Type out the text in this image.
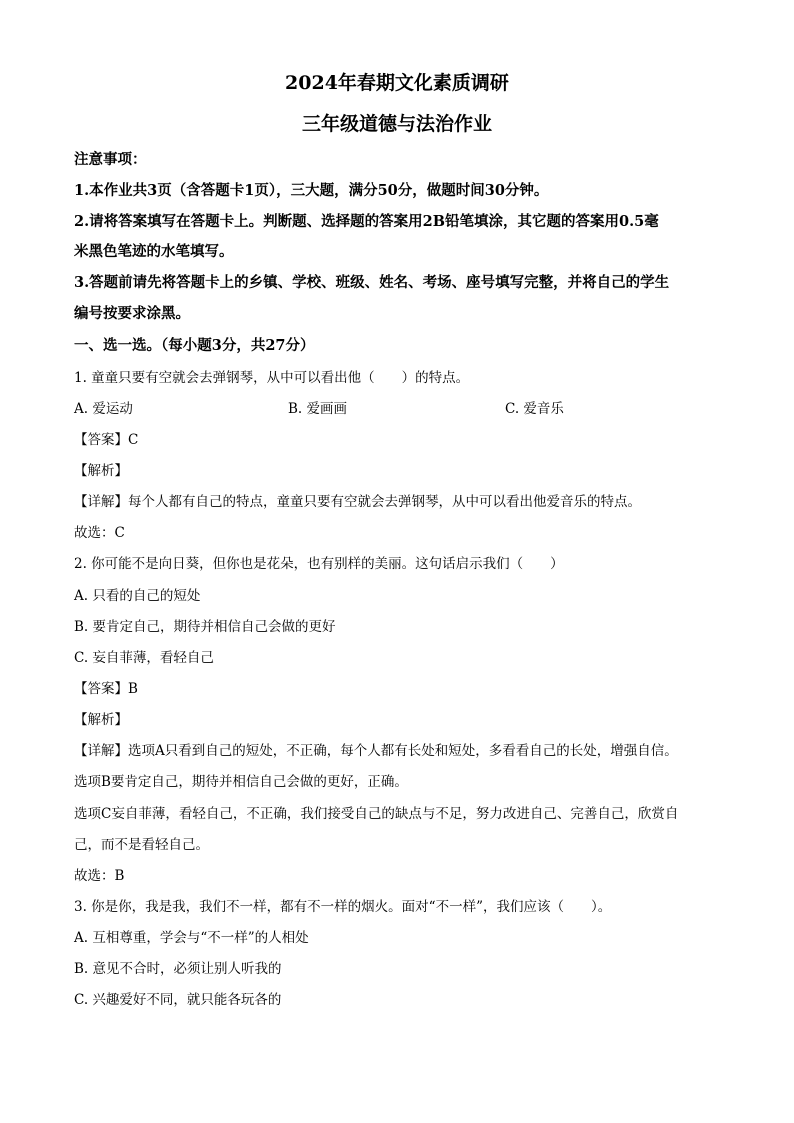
2024年春期文化素质调研
三年级道德与法治作业
注意事项：
1.本作业共3页（含答题卡1页），三大题，满分50分，做题时间30分钟。
2.请将答案填写在答题卡上。判断题、选择题的答案用2B铅笔填涂，其它题的答案用0.5毫
米黑色笔迹的水笔填写。
3.答题前请先将答题卡上的乡镇、学校、班级、姓名、考场、座号填写完整，并将自己的学生
编号按要求涂黑。
一、选一选。（每小题3分，共27分）
1. 童童只要有空就会去弹钢琴，从中可以看出他（　　）的特点。
A. 爱运动	B. 爱画画	C. 爱音乐
【答案】C
【解析】
【详解】每个人都有自己的特点，童童只要有空就会去弹钢琴，从中可以看出他爱音乐的特点。
故选：C
2. 你可能不是向日葵，但你也是花朵，也有别样的美丽。这句话启示我们（　　）
A. 只看的自己的短处
B. 要肯定自己，期待并相信自己会做的更好
C. 妄自菲薄，看轻自己
【答案】B
【解析】
【详解】选项A只看到自己的短处，不正确，每个人都有长处和短处，多看看自己的长处，增强自信。
选项B要肯定自己，期待并相信自己会做的更好，正确。
选项C妄自菲薄，看轻自己，不正确，我们接受自己的缺点与不足，努力改进自己、完善自己，欣赏自
己，而不是看轻自己。
故选：B
3. 你是你，我是我，我们不一样，都有不一样的烟火。面对“不一样”，我们应该（　　）。
A. 互相尊重，学会与“不一样”的人相处
B. 意见不合时，必须让别人听我的
C. 兴趣爱好不同，就只能各玩各的
